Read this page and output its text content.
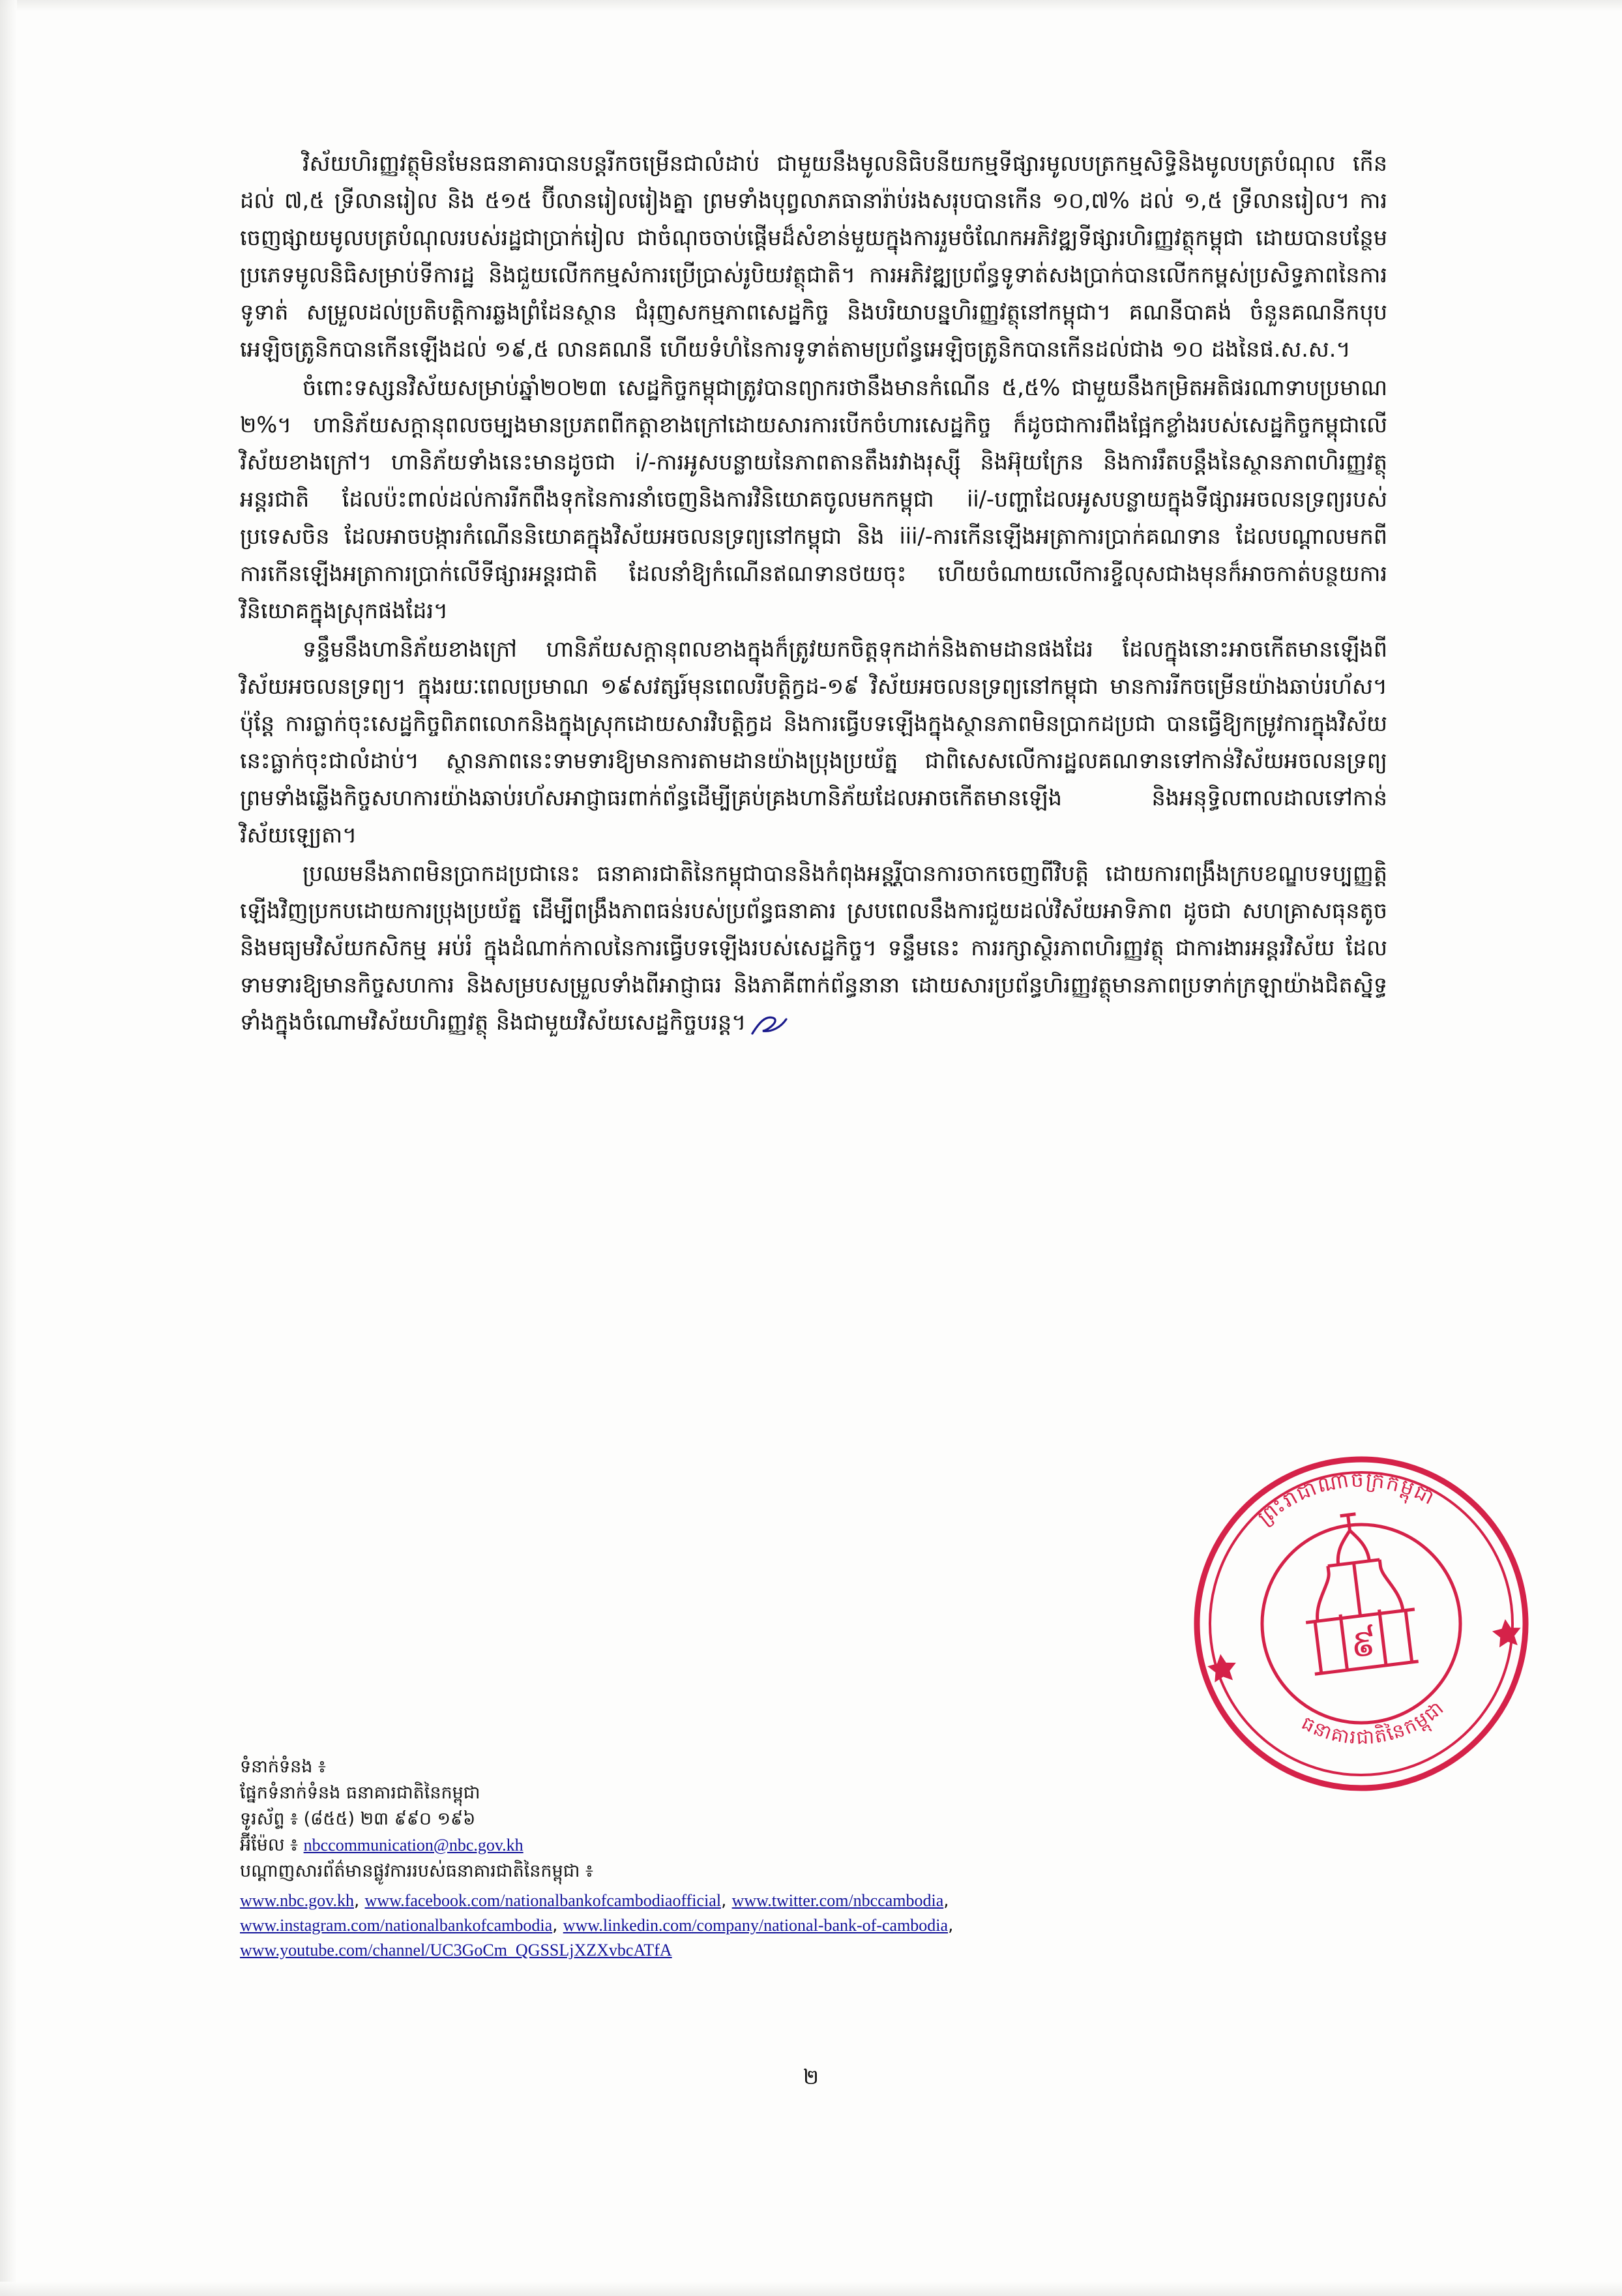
វិស័យហិរញ្ញវត្ថុមិនមែនធនាគារបានបន្តរីកចម្រើនជាលំដាប់ ជាមួយនឹងមូលនិធិបនីយកម្មទីផ្សារមូលបត្រកម្មសិទ្ធិនិងមូលបត្របំណុល កើនដល់ ៧,៥ ទ្រីលានរៀល និង ៥១៥ ប៊ីលានរៀលរៀងគ្នា ព្រមទាំងបុព្វលាភធានារ៉ាប់រងសរុបបានកើន ១០,៧% ដល់ ១,៥ ទ្រីលានរៀល។ ការចេញផ្សាយមូលបត្របំណុលរបស់រដ្ឋជាប្រាក់រៀល ជាចំណុចចាប់ផ្ដើមដ៏សំខាន់មួយក្នុងការរួមចំណែកអភិវឌ្ឍទីផ្សារហិរញ្ញវត្ថុកម្ពុជា ដោយបានបន្ថែមប្រភេទមូលនិធិសម្រាប់ទីការដ្ឋ និងជួយលើកកម្មសំការប្រើប្រាស់រូបិយវត្ថុជាតិ។ ការអភិវឌ្ឍប្រព័ន្ធទូទាត់សងប្រាក់បានលើកកម្ពស់ប្រសិទ្ធភាពនៃការទូទាត់ សម្រួលដល់ប្រតិបត្តិការឆ្លងព្រំដែនស្ថាន ជំរុញសកម្មភាពសេដ្ឋកិច្ច និងបរិយាបន្នហិរញ្ញវត្ថុនៅកម្ពុជា។ គណនីបាគង់ ចំនួនគណនីកបុប អេឡិចត្រូនិកបានកើនឡើងដល់ ១៩,៥ លានគណនី ហើយទំហំនៃការទូទាត់តាមប្រព័ន្ធអេឡិចត្រូនិកបានកើនដល់ជាង ១០ ដងនៃផ.ស.ស.។

ចំពោះទស្សនវិស័យសម្រាប់ឆ្នាំ២០២៣ សេដ្ឋកិច្ចកម្ពុជាត្រូវបានព្យាករថានឹងមានកំណើន ៥,៥% ជាមួយនឹងកម្រិតអតិផរណាទាបប្រមាណ ២%។ ហានិភ័យសក្តានុពលចម្បងមានប្រភពពីកត្តាខាងក្រៅដោយសារការបើកចំហារសេដ្ឋកិច្ច ក៏ដូចជាការពឹងផ្អែកខ្លាំងរបស់សេដ្ឋកិច្ចកម្ពុជាលើវិស័យខាងក្រៅ។ ហានិភ័យទាំងនេះមានដូចជា i/-ការអូសបន្លាយនៃភាពតានតឹងរវាងរុស្ស៊ី និងអ៊ុយក្រែន និងការរឹតបន្តឹងនៃស្ថានភាពហិរញ្ញវត្ថុអន្តរជាតិ ដែលប៉ះពាល់ដល់ការរីកពឹងទុកនៃការនាំចេញនិងការវិនិយោគចូលមកកម្ពុជា ii/-បញ្ហាដែលអូសបន្លាយក្នុងទីផ្សារអចលនទ្រព្យរបស់ប្រទេសចិន ដែលអាចបង្ការកំណើននិយោគក្នុងវិស័យអចលនទ្រព្យនៅកម្ពុជា និង iii/-ការកើនឡើងអត្រាការប្រាក់គណទាន ដែលបណ្ដាលមកពីការកើនឡើងអត្រាការប្រាក់លើទីផ្សារអន្តរជាតិ ដែលនាំឱ្យកំណើនឥណទានថយចុះ ហើយចំណាយលើការខ្ចីលុសជាងមុនក៏អាចកាត់បន្ថយការវិនិយោគក្នុងស្រុកផងដែរ។

ទន្ទឹមនឹងហានិភ័យខាងក្រៅ ហានិភ័យសក្ដានុពលខាងក្នុងក៏ត្រូវយកចិត្តទុកដាក់និងតាមដានផងដែរ ដែលក្នុងនោះអាចកើតមានឡើងពីវិស័យអចលនទ្រព្យ។ ក្នុងរយៈពេលប្រមាណ ១៩សវត្សរ៍មុនពេលរីបត្តិក្វដ-១៩ វិស័យអចលនទ្រព្យនៅកម្ពុជា មានការរីកចម្រើនយ៉ាងឆាប់រហ័ស។ ប៉ុន្តែ ការធ្លាក់ចុះសេដ្ឋកិច្ចពិភពលោកនិងក្នុងស្រុកដោយសារវិបត្តិក្វដ និងការធ្វើបទឡើងក្នុងស្ថានភាពមិនប្រាកដប្រជា បានធ្វើឱ្យកម្រូវការក្នុងវិស័យនេះធ្លាក់ចុះជាលំដាប់។ ស្ថានភាពនេះទាមទារឱ្យមានការតាមដានយ៉ាងប្រុងប្រយ័ត្ន ជាពិសេសលើការដ្ឋលគណទានទៅកាន់វិស័យអចលនទ្រព្យ ព្រមទាំងឆ្លើងកិច្ចសហការយ៉ាងឆាប់រហ័សអាជ្ញាធរពាក់ព័ន្ធដើម្បីគ្រប់គ្រងហានិភ័យដែលអាចកើតមានឡើង និងអនុទ្ធិលពាលដាលទៅកាន់វិស័យឡេ្យតា។

ប្រឈមនឹងភាពមិនប្រាកដប្រជានេះ ធនាគារជាតិនៃកម្ពុជាបាននិងកំពុងអន្តរ្តីបានការចាកចេញពីវិបត្តិ ដោយការពង្រឹងក្របខណ្ឌបទប្បញ្ញត្តិឡើងវិញប្រកបដោយការប្រុងប្រយ័ត្ន ដើម្បីពង្រឹងភាពធន់របស់ប្រព័ន្ធធនាគារ ស្របពេលនឹងការជួយដល់វិស័យអាទិភាព ដូចជា សហគ្រាសធុនតូចនិងមធ្យមវិស័យកសិកម្ម អប់រំ ក្នុងដំណាក់កាលនៃការធ្វើបទឡើងរបស់សេដ្ឋកិច្ច។ ទន្ទឹមនេះ ការរក្សាស្ថិរភាពហិរញ្ញវត្ថុ ជាការងារអន្តរវិស័យ ដែលទាមទារឱ្យមានកិច្ចសហការ និងសម្របសម្រួលទាំងពីអាជ្ញាធរ និងភាគីពាក់ព័ន្ធនានា ដោយសារប្រព័ន្ធហិរញ្ញវត្ថុមានភាពប្រទាក់ក្រឡាយ៉ាងជិតស្និទ្ធទាំងក្នុងចំណោមវិស័យហិរញ្ញវត្ថុ និងជាមួយវិស័យសេដ្ឋកិច្ចបរន្ត។

ទំនាក់ទំនង ៖
ផ្នែកទំនាក់ទំនង ធនាគារជាតិនៃកម្ពុជា
ទូរស័ព្ទ ៖ (៨៥៥) ២៣ ៩៩០ ១៩៦
អ៊ីម៉ែល ៖ nbccommunication@nbc.gov.kh
បណ្តាញសារព័ត៌មានផ្លូវការរបស់ធនាគារជាតិនៃកម្ពុជា ៖
www.nbc.gov.kh, www.facebook.com/nationalbankofcambodiaofficial, www.twitter.com/nbccambodia,
www.instagram.com/nationalbankofcambodia, www.linkedin.com/company/national-bank-of-cambodia,
www.youtube.com/channel/UC3GoCm_QGSSLjXZXvbcATfA
ព្រះរាជាណាចក្រកម្ពុជា
ធនាគារជាតិនៃកម្ពុជា
៩
២
